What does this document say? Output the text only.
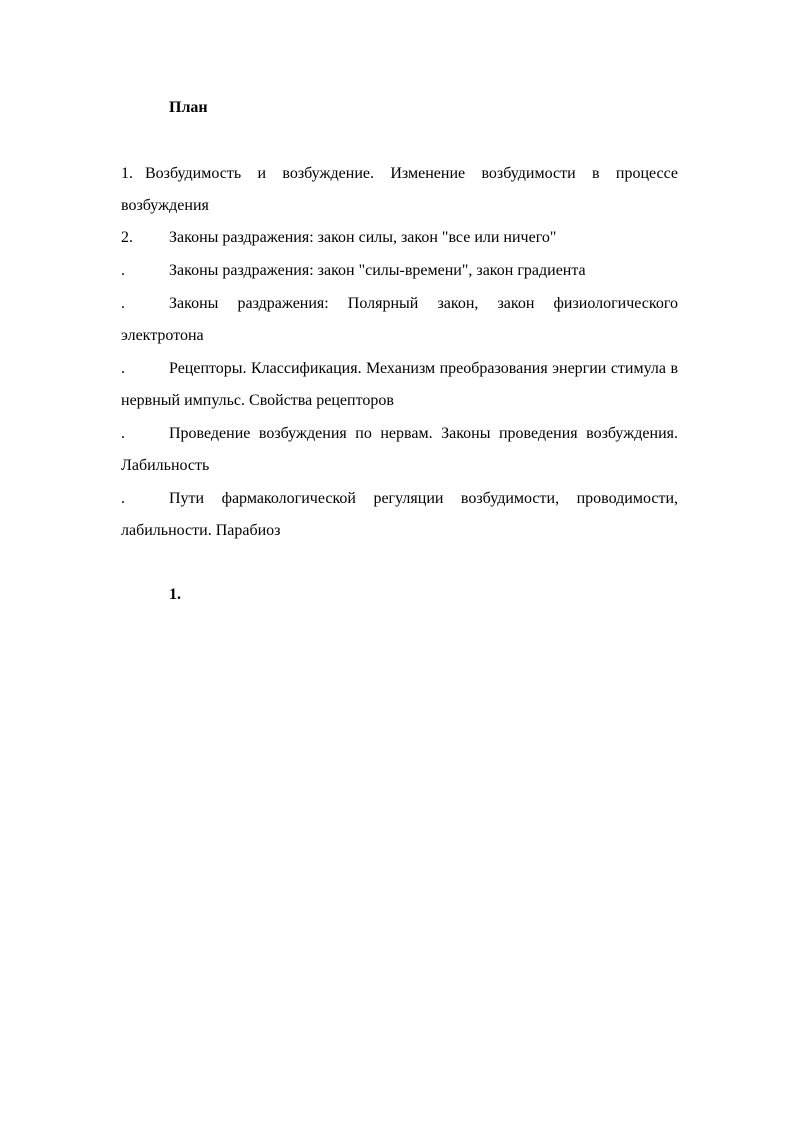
План
1. Возбудимость и возбуждение. Изменение возбудимости в процессе возбуждения
2. Законы раздражения: закон силы, закон "все или ничего"
.	Законы раздражения: закон "силы-времени", закон градиента
.	Законы раздражения: Полярный закон, закон физиологического электротона
.	Рецепторы. Классификация. Механизм преобразования энергии стимула в нервный импульс. Свойства рецепторов
.	Проведение возбуждения по нервам. Законы проведения возбуждения. Лабильность
.	Пути фармакологической регуляции возбудимости, проводимости, лабильности. Парабиоз
1.
